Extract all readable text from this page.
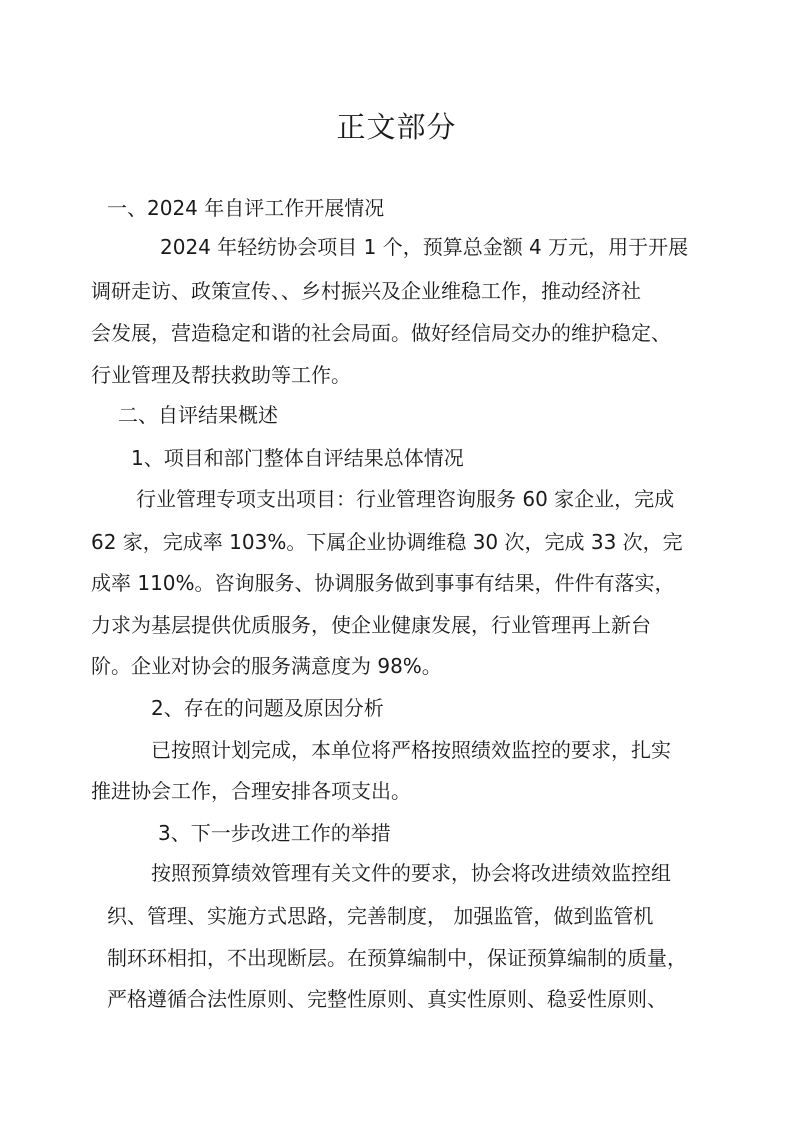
正文部分
一、2024 年自评工作开展情况
2024 年轻纺协会项目 1 个，预算总金额 4 万元，用于开展
调研走访、政策宣传、、乡村振兴及企业维稳工作，推动经济社
会发展，营造稳定和谐的社会局面。做好经信局交办的维护稳定、
行业管理及帮扶救助等工作。
二、自评结果概述
1、项目和部门整体自评结果总体情况
行业管理专项支出项目：行业管理咨询服务 60 家企业，完成
62 家，完成率 103%。下属企业协调维稳 30 次，完成 33 次，完
成率 110%。咨询服务、协调服务做到事事有结果，件件有落实，
力求为基层提供优质服务，使企业健康发展，行业管理再上新台
阶。企业对协会的服务满意度为 98%。
2、存在的问题及原因分析
已按照计划完成，本单位将严格按照绩效监控的要求，扎实
推进协会工作，合理安排各项支出。
3、下一步改进工作的举措
按照预算绩效管理有关文件的要求，协会将改进绩效监控组
织、管理、实施方式思路，完善制度， 加强监管，做到监管机
制环环相扣，不出现断层。在预算编制中，保证预算编制的质量，
严格遵循合法性原则、完整性原则、真实性原则、稳妥性原则、
